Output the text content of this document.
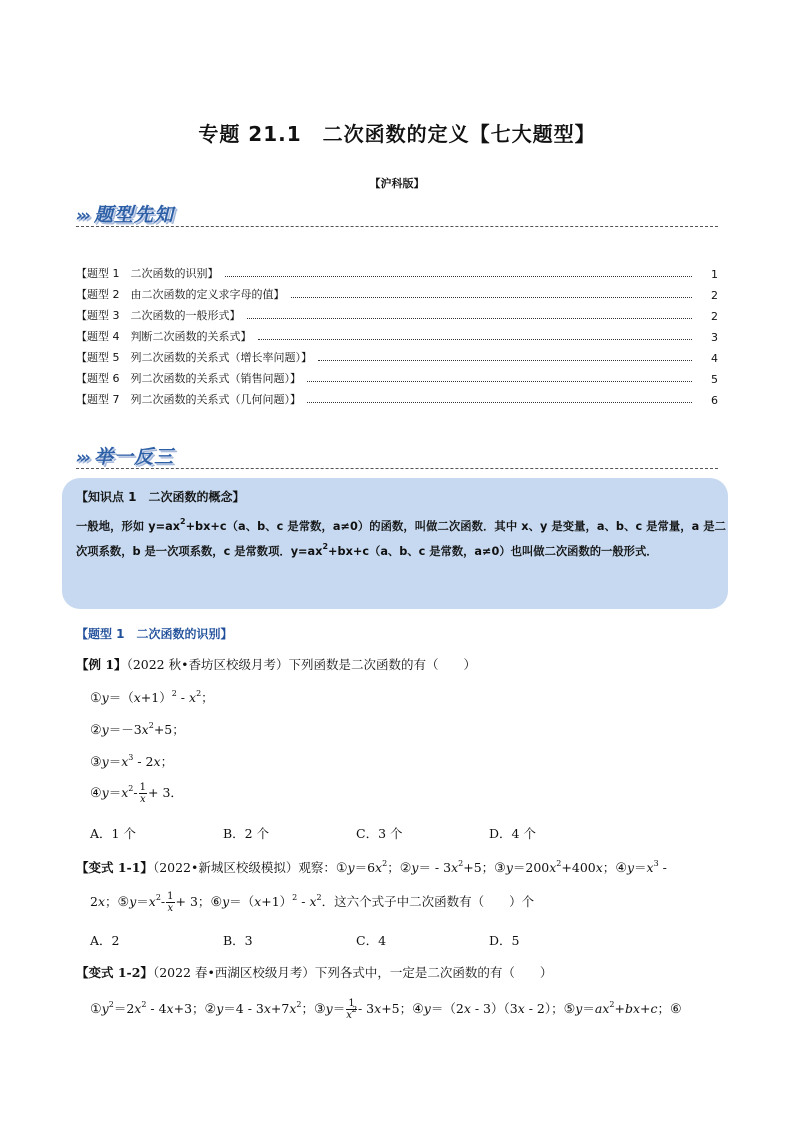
专题 21.1　二次函数的定义【七大题型】
【沪科版】
››› 题型先知
【题型 1　二次函数的识别】	1
【题型 2　由二次函数的定义求字母的值】	2
【题型 3　二次函数的一般形式】	2
【题型 4　判断二次函数的关系式】	3
【题型 5　列二次函数的关系式（增长率问题）】	4
【题型 6　列二次函数的关系式（销售问题）】	5
【题型 7　列二次函数的关系式（几何问题）】	6
››› 举一反三
【知识点 1　二次函数的概念】
一般地，形如 $y=ax^2+bx+c(a$、b、c 是常数，a≠0）的函数，叫做二次函数．其中 x、y 是变量，a、b、c 是常量，a 是二次项系数，b 是一次项系数，c 是常数项．$y=ax^2+bx+c(a$、b、c 是常数，a≠0）也叫做二次函数的一般形式．
【题型 1　二次函数的识别】
【例 1】（2022 秋•香坊区校级月考）下列函数是二次函数的有（　　）
$①y=(x+1)^2 - x^2$；
$②y=-3x^2+5$；
$③y=x^3 - 2x$；
$④y=x^2- \frac{1}{x} + 3$．
A．1 个	B．2 个	C．3 个	D．4 个
【变式 1-1】（2022•新城区校级模拟）观察：$①y=6x^2$；②y＝ - $3x^2+5$；$③y=200x^2+400x$；$④y=x^3$ -
2x；$⑤y=x^2- \frac{1}{x} + 3$；$⑥y=(x+1)^2 - x^2$．这六个式子中二次函数有（　　）个
A．2	B．3	C．4	D．5
【变式 1-2】（2022 春•西湖区校级月考）下列各式中，一定是二次函数的有（　　）
$①y^2=2x^2 - 4x+3$；②y＝4 - $3x+7x^2$；③y＝ $\frac{1}{x^2} - 3x+5$；④y＝（2x - 3）（3x - 2）；$⑤y=ax^2+bx+c$；⑥
